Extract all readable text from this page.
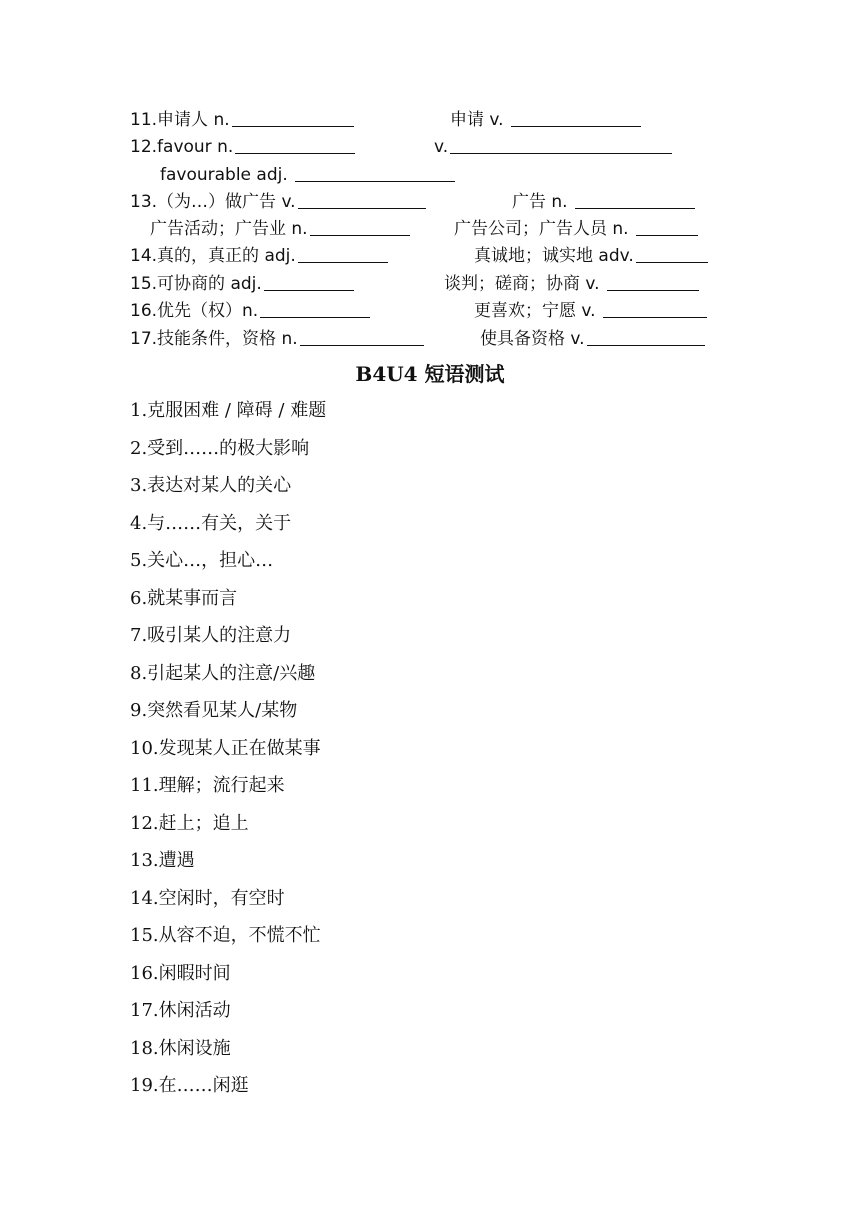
11.申请人 n.	申请 v.
12.favour n.	v.
favourable adj.
13.（为…）做广告 v.	广告 n.
广告活动；广告业 n.	广告公司；广告人员 n.
14.真的，真正的 adj.	真诚地；诚实地 adv.
15.可协商的 adj.	谈判；磋商；协商 v.
16.优先（权）n.	更喜欢；宁愿 v.
17.技能条件，资格 n.	使具备资格 v.
B4U4 短语测试
1.克服困难 / 障碍 / 难题
2.受到……的极大影响
3.表达对某人的关心
4.与……有关，关于
5.关心…，担心…
6.就某事而言
7.吸引某人的注意力
8.引起某人的注意/兴趣
9.突然看见某人/某物
10.发现某人正在做某事
11.理解；流行起来
12.赶上；追上
13.遭遇
14.空闲时，有空时
15.从容不迫，不慌不忙
16.闲暇时间
17.休闲活动
18.休闲设施
19.在……闲逛
